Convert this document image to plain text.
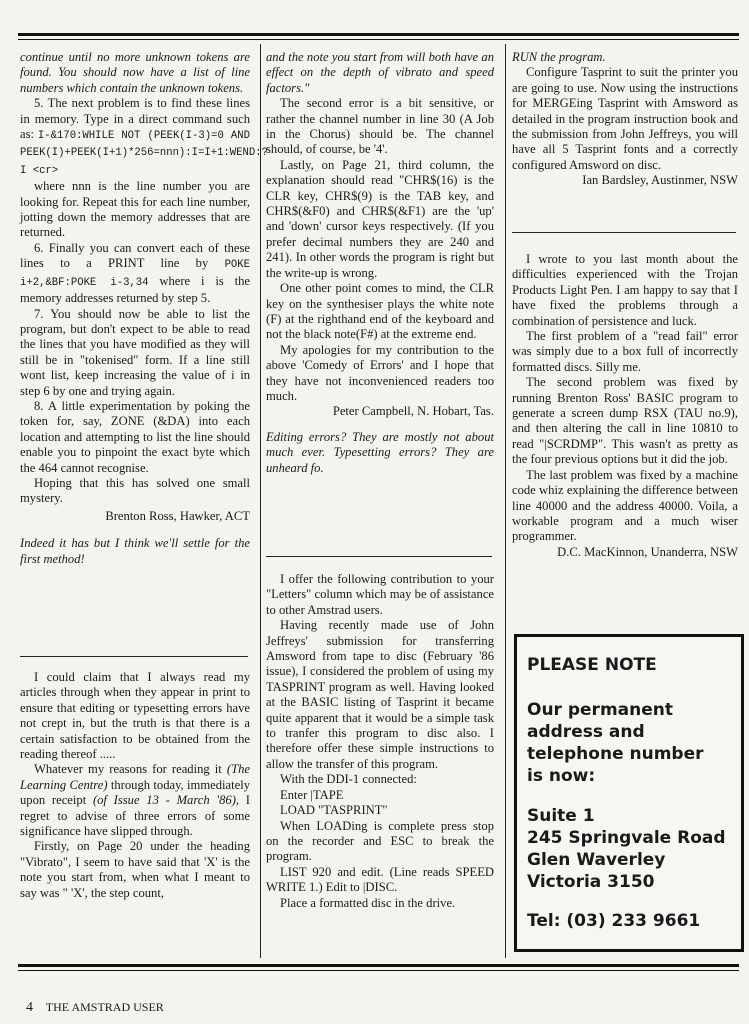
continue until no more unknown tokens are found. You should now have a list of line numbers which contain the unknown tokens.

5. The next problem is to find these lines in memory. Type in a direct command such as: I-&170:WHILE NOT (PEEK(I-3)=0 AND PEEK(I)+PEEK(I+1)*256=nnn):I=I+1:WEND:?I <cr>

where nnn is the line number you are looking for. Repeat this for each line number, jotting down the memory addresses that are returned.

6. Finally you can convert each of these lines to a PRINT line by POKE i+2,&BF:POKE i-3,34 where i is the memory addresses returned by step 5.

7. You should now be able to list the program, but don't expect to be able to read the lines that you have modified as they will still be in "tokenised" form. If a line still wont list, keep increasing the value of i in step 6 by one and trying again.

8. A little experimentation by poking the token for, say, ZONE (&DA) into each location and attempting to list the line should enable you to pinpoint the exact byte which the 464 cannot recognise.

Hoping that this has solved one small mystery.

Brenton Ross, Hawker, ACT

Indeed it has but I think we'll settle for the first method!

I could claim that I always read my articles through when they appear in print to ensure that editing or typesetting errors have not crept in, but the truth is that there is a certain satisfaction to be obtained from the reading thereof .....

Whatever my reasons for reading it (The Learning Centre) through today, immediately upon receipt (of Issue 13 - March '86), I regret to advise of three errors of some significance have slipped through.

Firstly, on Page 20 under the heading "Vibrato", I seem to have said that 'X' is the note you start from, when what I meant to say was " 'X', the step count,

and the note you start from will both have an effect on the depth of vibrato and speed factors."

The second error is a bit sensitive, or rather the channel number in line 30 (A Job in the Chorus) should be. The channel should, of course, be '4'.

Lastly, on Page 21, third column, the explanation should read "CHR$(16) is the CLR key, CHR$(9) is the TAB key, and CHR$(&F0) and CHR$(&F1) are the 'up' and 'down' cursor keys respectively. (If you prefer decimal numbers they are 240 and 241). In other words the program is right but the write-up is wrong.

One other point comes to mind, the CLR key on the synthesiser plays the white note (F) at the righthand end of the keyboard and not the black note(F#) at the extreme end.

My apologies for my contribution to the above 'Comedy of Errors' and I hope that they have not inconvenienced readers too much.

Peter Campbell, N. Hobart, Tas.

Editing errors? They are mostly not about much ever. Typesetting errors? They are unheard fo.

I offer the following contribution to your "Letters" column which may be of assistance to other Amstrad users.

Having recently made use of John Jeffreys' submission for transferring Amsword from tape to disc (February '86 issue), I considered the problem of using my TASPRINT program as well. Having looked at the BASIC listing of Tasprint it became quite apparent that it would be a simple task to tranfer this program to disc also. I therefore offer these simple instructions to allow the transfer of this program.

With the DDI-1 connected:

Enter |TAPE

LOAD "TASPRINT"

When LOADing is complete press stop on the recorder and ESC to break the program.

LIST 920 and edit. (Line reads SPEED WRITE 1.) Edit to |DISC.

Place a formatted disc in the drive.

RUN the program.

Configure Tasprint to suit the printer you are going to use. Now using the instructions for MERGEing Tasprint with Amsword as detailed in the program instruction book and the submission from John Jeffreys, you will have all 5 Tasprint fonts and a correctly configured Amsword on disc.

Ian Bardsley, Austinmer, NSW

I wrote to you last month about the difficulties experienced with the Trojan Products Light Pen. I am happy to say that I have fixed the problems through a combination of persistence and luck.

The first problem of a "read fail" error was simply due to a box full of incorrectly formatted discs. Silly me.

The second problem was fixed by running Brenton Ross' BASIC program to generate a screen dump RSX (TAU no.9), and then altering the call in line 10810 to read "|SCRDMP". This wasn't as pretty as the four previous options but it did the job.

The last problem was fixed by a machine code whiz explaining the difference between line 40000 and the address 40000. Voila, a workable program and a much wiser programmer.

D.C. MacKinnon, Unanderra, NSW

PLEASE NOTE
Our permanent
address and
telephone number
is now:
Suite 1
245 Springvale Road
Glen Waverley
Victoria 3150
Tel: (03) 233 9661
4 THE AMSTRAD USER
